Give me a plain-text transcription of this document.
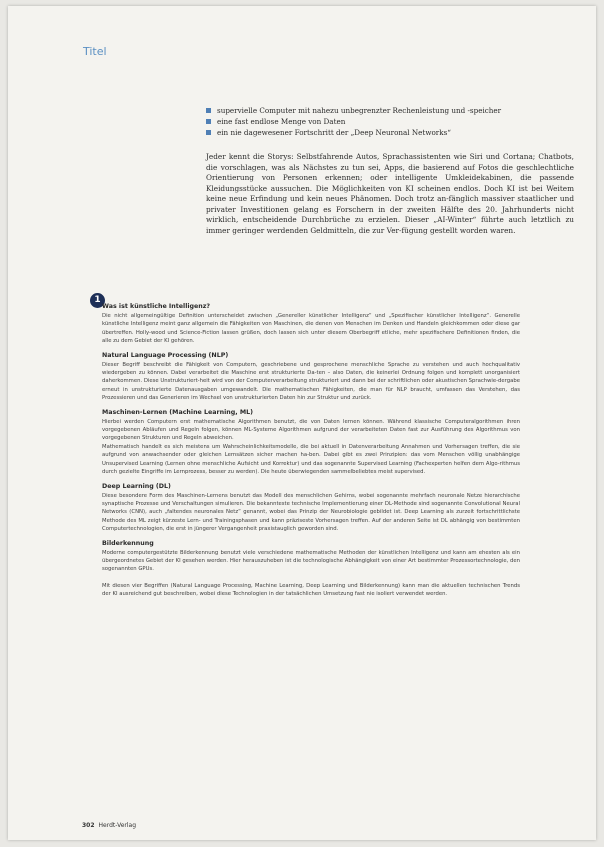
Titel
supervielle Computer mit nahezu unbegrenzter Rechenleistung und -speicher
eine fast endlose Menge von Daten
ein nie dagewesener Fortschritt der „Deep Neuronal Networks“

Jeder kennt die Storys: Selbstfahrende Autos, Sprachassistenten wie Siri und Cortana; Chatbots, die vorschlagen, was als Nächstes zu tun sei, Apps, die basierend auf Fotos die geschlechtliche Orientierung von Personen erkennen; oder intelligente Umkleidekabinen, die passende Kleidungsstücke aussuchen. Die Möglichkeiten von KI scheinen endlos. Doch KI ist bei Weitem keine neue Erfindung und kein neues Phänomen. Doch trotz an-fänglich massiver staatlicher und privater Investitionen gelang es Forschern in der zweiten Hälfte des 20. Jahrhunderts nicht wirklich, entscheidende Durchbrüche zu erzielen. Dieser „AI-Winter“ führte auch letztlich zu immer geringer werdenden Geldmitteln, die zur Ver-fügung gestellt worden waren.

1
Was ist künstliche Intelligenz?

Die nicht allgemeingültige Definition unterscheidet zwischen „Genereller künstlicher Intelligenz“ und „Spezifischer künstlicher Intelligenz“. Generelle künstliche Intelligenz meint ganz allgemein die Fähigkeiten von Maschinen, die denen von Menschen im Denken und Handeln gleichkommen oder diese gar übertreffen. Holly-wood und Science-Fiction lassen grüßen, doch lassen sich unter diesem Oberbegriff etliche, mehr spezifischere Definitionen finden, die alle zu dem Gebiet der KI gehören.

Natural Language Processing (NLP)

Dieser Begriff beschreibt die Fähigkeit von Computern, geschriebene und gesprochene menschliche Sprache zu verstehen und auch hochqualitativ wiedergeben zu können. Dabei verarbeitet die Maschine erst strukturierte Da-ten – also Daten, die keinerlei Ordnung folgen und komplett unorganisiert daherkommen. Diese Unstrukturiert-heit wird von der Computerverarbeitung strukturiert und dann bei der schriftlichen oder akustischen Sprachwie-dergabe erneut in unstrukturierte Datenausgaben umgewandelt. Die mathematischen Fähigkeiten, die man für NLP braucht, umfassen das Verstehen, das Prozessieren und das Generieren im Wechsel von unstrukturierten Daten hin zur Struktur und zurück.

Maschinen-Lernen (Machine Learning, ML)

Hierbei werden Computern erst mathematische Algorithmen benutzt, die von Daten lernen können. Während klassische Computeralgorithmen ihren vorgegebenen Abläufen und Regeln folgen, können ML-Systeme Algorithmen aufgrund der verarbeiteten Daten fast zur Ausführung des Algorithmus von vorgegebenen Strukturen und Regeln abweichen.

Mathematisch handelt es sich meistens um Wahrscheinlichkeitsmodelle, die bei aktuell in Datenverarbeitung Annahmen und Vorhersagen treffen, die sie aufgrund von anwachsender oder gleichen Lernsätzen sicher machen ha-ben. Dabei gibt es zwei Prinzipien: das vom Menschen völlig unabhängige Unsupervised Learning (Lernen ohne menschliche Aufsicht und Korrektur) und das sogenannte Supervised Learning (Fachexperten helfen dem Algo-rithmus durch gezielte Eingriffe im Lernprozess, besser zu werden). Die heute überwiegenden sammelbeliebtes meist supervised.

Deep Learning (DL)

Diese besondere Form des Maschinen-Lernens benutzt das Modell des menschlichen Gehirns, wobei sogenannte mehrfach neuronale Netze hierarchische synaptische Prozesse und Verschaltungen simulieren. Die bekannteste technische Implementierung einer DL-Methode sind sogenannte Convolutional Neural Networks (CNN), auch „faltendes neuronales Netz“ genannt, wobei das Prinzip der Neurobiologie gebildet ist. Deep Learning als zurzeit fortschrittlichste Methode des ML zeigt kürzeste Lern- und Trainingsphasen und kann präziseste Vorhersagen treffen. Auf der anderen Seite ist DL abhängig von bestimmten Computertechnologien, die erst in jüngerer Vergangenheit praxistauglich geworden sind.

Bilderkennung

Moderne computergestützte Bilderkennung benutzt viele verschiedene mathematische Methoden der künstlichen Intelligenz und kann am ehesten als ein übergeordnetes Gebiet der KI gesehen werden. Hier herauszuheben ist die technologische Abhängigkeit von einer Art bestimmter Prozessortechnologie, den sogenannten GPUs.

Mit diesen vier Begriffen (Natural Language Processing, Machine Learning, Deep Learning und Bilderkennung) kann man die aktuellen technischen Trends der KI ausreichend gut beschreiben, wobei diese Technologien in der tatsächlichen Umsetzung fast nie isoliert verwendet werden.

302 Herdt-Verlag
